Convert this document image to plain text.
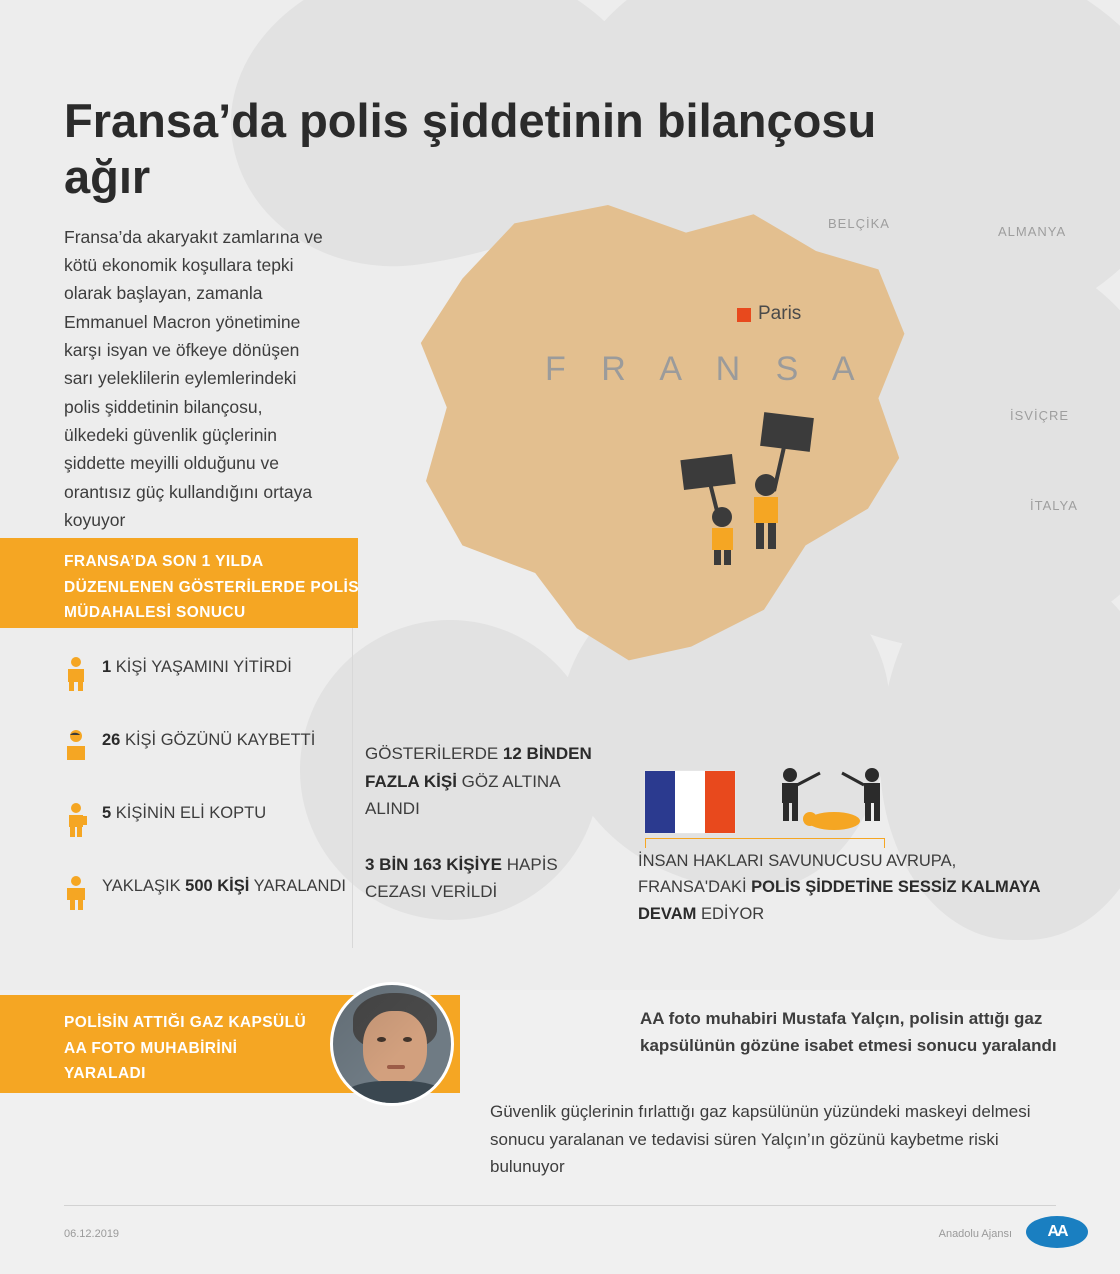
F R A N S A
BELÇİKA
ALMANYA
İSVİÇRE
İTALYA
Paris
Fransa’da polis şiddetinin bilançosu ağır

Fransa’da akaryakıt zamlarına ve kötü ekonomik koşullara tepki olarak başlayan, zamanla Emmanuel Macron yönetimine karşı isyan ve öfkeye dönüşen sarı yeleklilerin eylemlerindeki polis şiddetinin bilançosu, ülkedeki güvenlik güçlerinin şiddette meyilli olduğunu ve orantısız güç kullandığını ortaya koyuyor

FRANSA’DA SON 1 YILDA DÜZENLENEN GÖSTERİLERDE POLİS MÜDAHALESİ SONUCU
1 KİŞİ YAŞAMINI YİTİRDİ
26 KİŞİ GÖZÜNÜ KAYBETTİ
5 KİŞİNİN ELİ KOPTU
YAKLAŞIK 500 KİŞİ YARALANDI
GÖSTERİLERDE 12 BİNDEN FAZLA KİŞİ GÖZ ALTINA ALINDI
3 BİN 163 KİŞİYE HAPİS CEZASI VERİLDİ
İNSAN HAKLARI SAVUNUCUSU AVRUPA, FRANSA'DAKİ POLİS ŞİDDETİNE SESSİZ KALMAYA DEVAM EDİYOR
POLİSİN ATTIĞI GAZ KAPSÜLÜ AA FOTO MUHABİRİNİ YARALADI
AA foto muhabiri Mustafa Yalçın, polisin attığı gaz kapsülünün gözüne isabet etmesi sonucu yaralandı
Güvenlik güçlerinin fırlattığı gaz kapsülünün yüzündeki maskeyi delmesi sonucu yaralanan ve tedavisi süren Yalçın’ın gözünü kaybetme riski bulunuyor
06.12.2019	Anadolu Ajansı	AA
